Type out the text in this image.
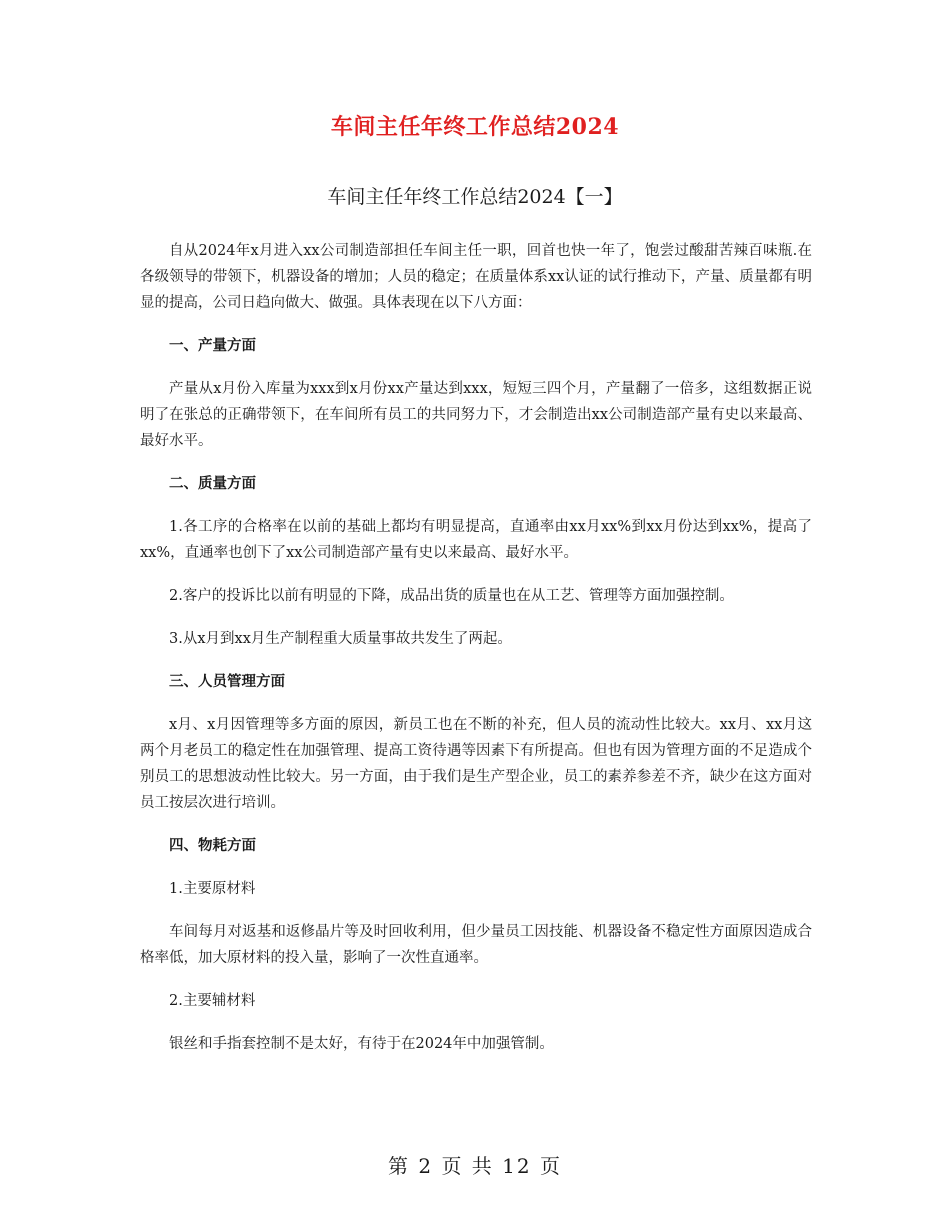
车间主任年终工作总结2024
车间主任年终工作总结2024【一】

自从2024年x月进入xx公司制造部担任车间主任一职，回首也快一年了，饱尝过酸甜苦辣百味瓶.在各级领导的带领下，机器设备的增加；人员的稳定；在质量体系xx认证的试行推动下，产量、质量都有明显的提高，公司日趋向做大、做强。具体表现在以下八方面：

一、产量方面

产量从x月份入库量为xxx到x月份xx产量达到xxx，短短三四个月，产量翻了一倍多，这组数据正说明了在张总的正确带领下，在车间所有员工的共同努力下，才会制造出xx公司制造部产量有史以来最高、最好水平。

二、质量方面

1.各工序的合格率在以前的基础上都均有明显提高，直通率由xx月xx%到xx月份达到xx%，提高了xx%，直通率也创下了xx公司制造部产量有史以来最高、最好水平。

2.客户的投诉比以前有明显的下降，成品出货的质量也在从工艺、管理等方面加强控制。

3.从x月到xx月生产制程重大质量事故共发生了两起。

三、人员管理方面

x月、x月因管理等多方面的原因，新员工也在不断的补充，但人员的流动性比较大。xx月、xx月这两个月老员工的稳定性在加强管理、提高工资待遇等因素下有所提高。但也有因为管理方面的不足造成个别员工的思想波动性比较大。另一方面，由于我们是生产型企业，员工的素养参差不齐，缺少在这方面对员工按层次进行培训。

四、物耗方面

1.主要原材料

车间每月对返基和返修晶片等及时回收利用，但少量员工因技能、机器设备不稳定性方面原因造成合格率低，加大原材料的投入量，影响了一次性直通率。

2.主要辅材料

银丝和手指套控制不是太好，有待于在2024年中加强管制。

第 2 页 共 12 页
